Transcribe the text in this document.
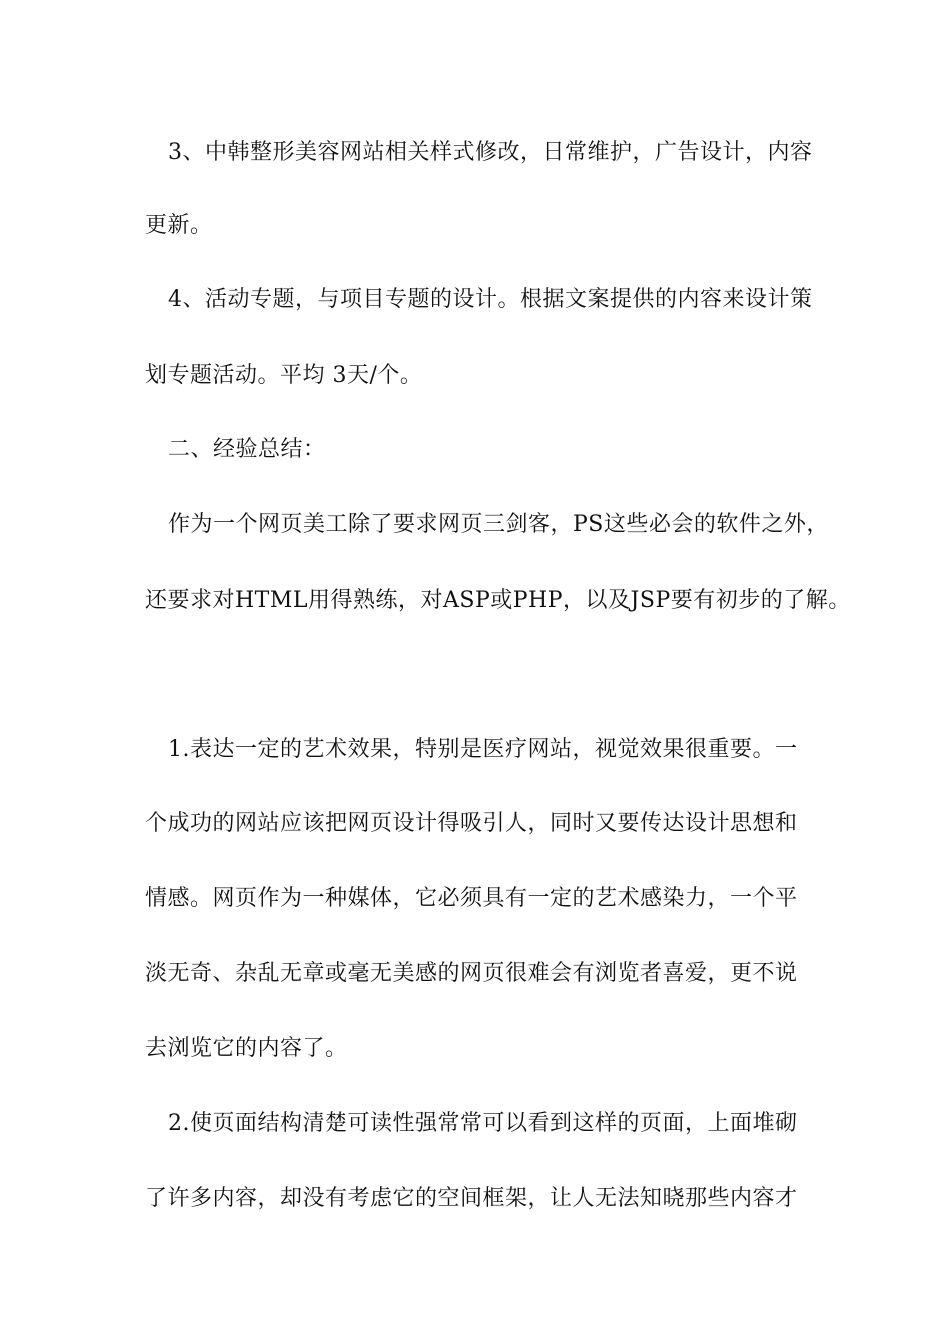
3、中韩整形美容网站相关样式修改，日常维护，广告设计，内容
更新。
4、活动专题，与项目专题的设计。根据文案提供的内容来设计策
划专题活动。平均 3天/个。
二、经验总结：
作为一个网页美工除了要求网页三剑客，PS这些必会的软件之外，
还要求对HTML用得熟练，对ASP或PHP，以及JSP要有初步的了解。
1.表达一定的艺术效果，特别是医疗网站，视觉效果很重要。一
个成功的网站应该把网页设计得吸引人，同时又要传达设计思想和
情感。网页作为一种媒体，它必须具有一定的艺术感染力，一个平
淡无奇、杂乱无章或毫无美感的网页很难会有浏览者喜爱，更不说
去浏览它的内容了。
2.使页面结构清楚可读性强常常可以看到这样的页面，上面堆砌
了许多内容，却没有考虑它的空间框架，让人无法知晓那些内容才
